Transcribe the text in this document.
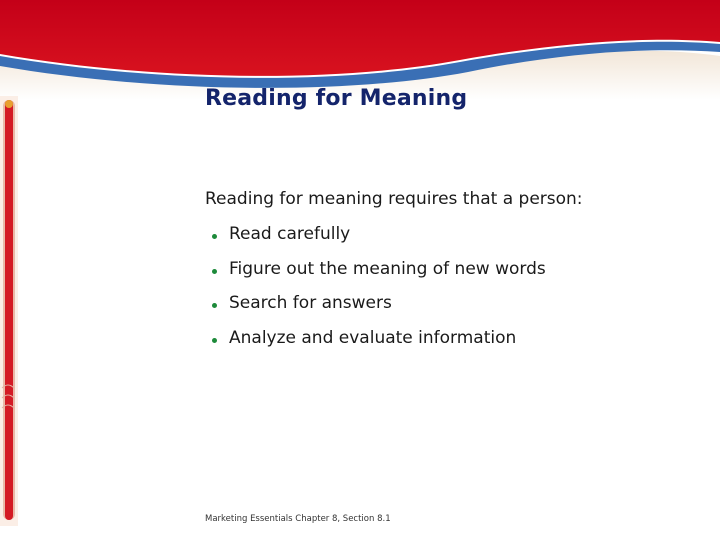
Reading for Meaning

Reading for meaning requires that a person:

Read carefully
Figure out the meaning of new words
Search for answers
Analyze and evaluate information

Marketing Essentials Chapter 8, Section 8.1
